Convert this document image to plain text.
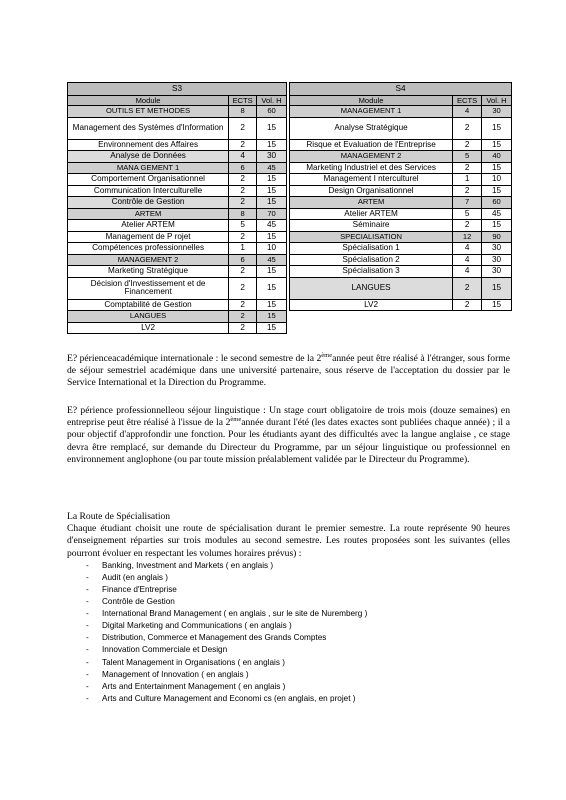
S3		
Module	ECTS	Vol. H
OUTILS ET METHODES	8	60
Management des Systèmes d'Information	2	15
Environnement des Affaires	2	15
Analyse de Données	4	30
MANA GEMENT 1	6	45
Comportement Organisationnel	2	15
Communication Interculturelle	2	15
Contrôle de Gestion	2	15
ARTEM	8	70
Atelier ARTEM	5	45
Management de P rojet	2	15
Compétences professionnelles	1	10
MANAGEMENT 2	6	45
Marketing Stratégique	2	15
Décision d'Investissement et de Financement	2	15
Comptabilité de Gestion	2	15
LANGUES	2	15
LV2	2	15
S4		
Module	ECTS	Vol. H
MANAGEMENT 1	4	30
Analyse Stratégique	2	15
Risque et Evaluation de l'Entreprise	2	15
MANAGEMENT 2	5	40
Marketing Industriel et des Services	2	15
Management I nterculturel	1	10
Design Organisationnel	2	15
ARTEM	7	60
Atelier ARTEM	5	45
Séminaire	2	15
SPECIALISATION	12	90
Spécialisation 1	4	30
Spécialisation 2	4	30
Spécialisation 3	4	30
LANGUES	2	15
LV2	2	15

E? périenceacadémique internationale : le second semestre de la 2èmeannée peut être réalisé à l'étranger, sous forme de séjour semestriel académique dans une université partenaire, sous réserve de l'acceptation du dossier par le Service International et la Direction du Programme.

E? périence professionnelleou séjour linguistique : Un stage court obligatoire de trois mois (douze semaines) en entreprise peut être réalisé à l'issue de la 2èmeannée durant l'été (les dates exactes sont publiées chaque année) ; il a pour objectif d'approfondir une fonction. Pour les étudiants ayant des difficultés avec la langue anglaise , ce stage devra être remplacé, sur demande du Directeur du Programme, par un séjour linguistique ou professionnel en environnement anglophone (ou par toute mission préalablement validée par le Directeur du Programme).

La Route de Spécialisation

Chaque étudiant choisit une route de spécialisation durant le premier semestre. La route représente 90 heures d'enseignement réparties sur trois modules au second semestre. Les routes proposées sont les suivantes (elles pourront évoluer en respectant les volumes horaires prévus) :

- Banking, Investment and Markets ( en anglais )
- Audit (en anglais )
- Finance d'Entreprise
- Contrôle de Gestion
- International Brand Management ( en anglais , sur le site de Nuremberg )
- Digital Marketing and Communications ( en anglais )
- Distribution, Commerce et Management des Grands Comptes
- Innovation Commerciale et Design
- Talent Management in Organisations ( en anglais )
- Management of Innovation ( en anglais )
- Arts and Entertainment Management ( en anglais )
- Arts and Culture Management and Economi cs (en anglais, en projet )
